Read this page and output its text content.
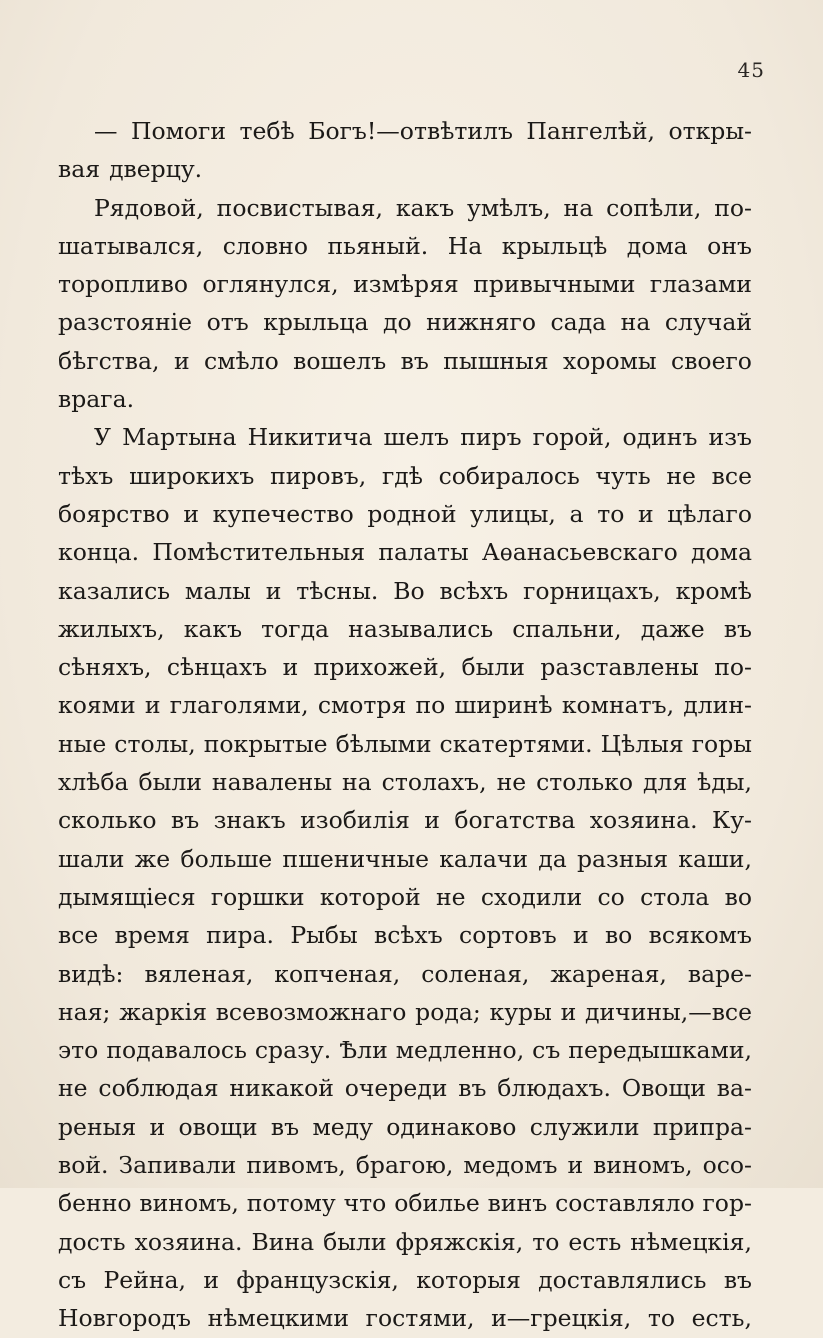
45
— Помоги тебѣ Богъ!—отвѣтилъ Пангелѣй, откры-
вая дверцу.
Рядовой, посвистывая, какъ умѣлъ, на сопѣли, по-
шатывался, словно пьяный. На крыльцѣ дома онъ
торопливо оглянулся, измѣряя привычными глазами
разстояніе отъ крыльца до нижняго сада на случай
бѣгства, и смѣло вошелъ въ пышныя хоромы своего
врага.
У Мартына Никитича шелъ пиръ горой, одинъ изъ
тѣхъ широкихъ пировъ, гдѣ собиралось чуть не все
боярство и купечество родной улицы, а то и цѣлаго
конца. Помѣстительныя палаты Аѳанасьевскаго дома
казались малы и тѣсны. Во всѣхъ горницахъ, кромѣ
жилыхъ, какъ тогда назывались спальни, даже въ
сѣняхъ, сѣнцахъ и прихожей, были разставлены по-
коями и глаголями, смотря по ширинѣ комнатъ, длин-
ные столы, покрытые бѣлыми скатертями. Цѣлыя горы
хлѣба были навалены на столахъ, не столько для ѣды,
сколько въ знакъ изобилія и богатства хозяина. Ку-
шали же больше пшеничные калачи да разныя каши,
дымящіеся горшки которой не сходили со стола во
все время пира. Рыбы всѣхъ сортовъ и во всякомъ
видѣ: вяленая, копченая, соленая, жареная, варе-
ная; жаркія всевозможнаго рода; куры и дичины,—все
это подавалось сразу. Ѣли медленно, съ передышками,
не соблюдая никакой очереди въ блюдахъ. Овощи ва-
реныя и овощи въ меду одинаково служили припра-
вой. Запивали пивомъ, брагою, медомъ и виномъ, осо-
бенно виномъ, потому что обилье винъ составляло гор-
дость хозяина. Вина были фряжскія, то есть нѣмецкія,
съ Рейна, и французскія, которыя доставлялись въ
Новгородъ нѣмецкими гостями, и—грецкія, то есть,
